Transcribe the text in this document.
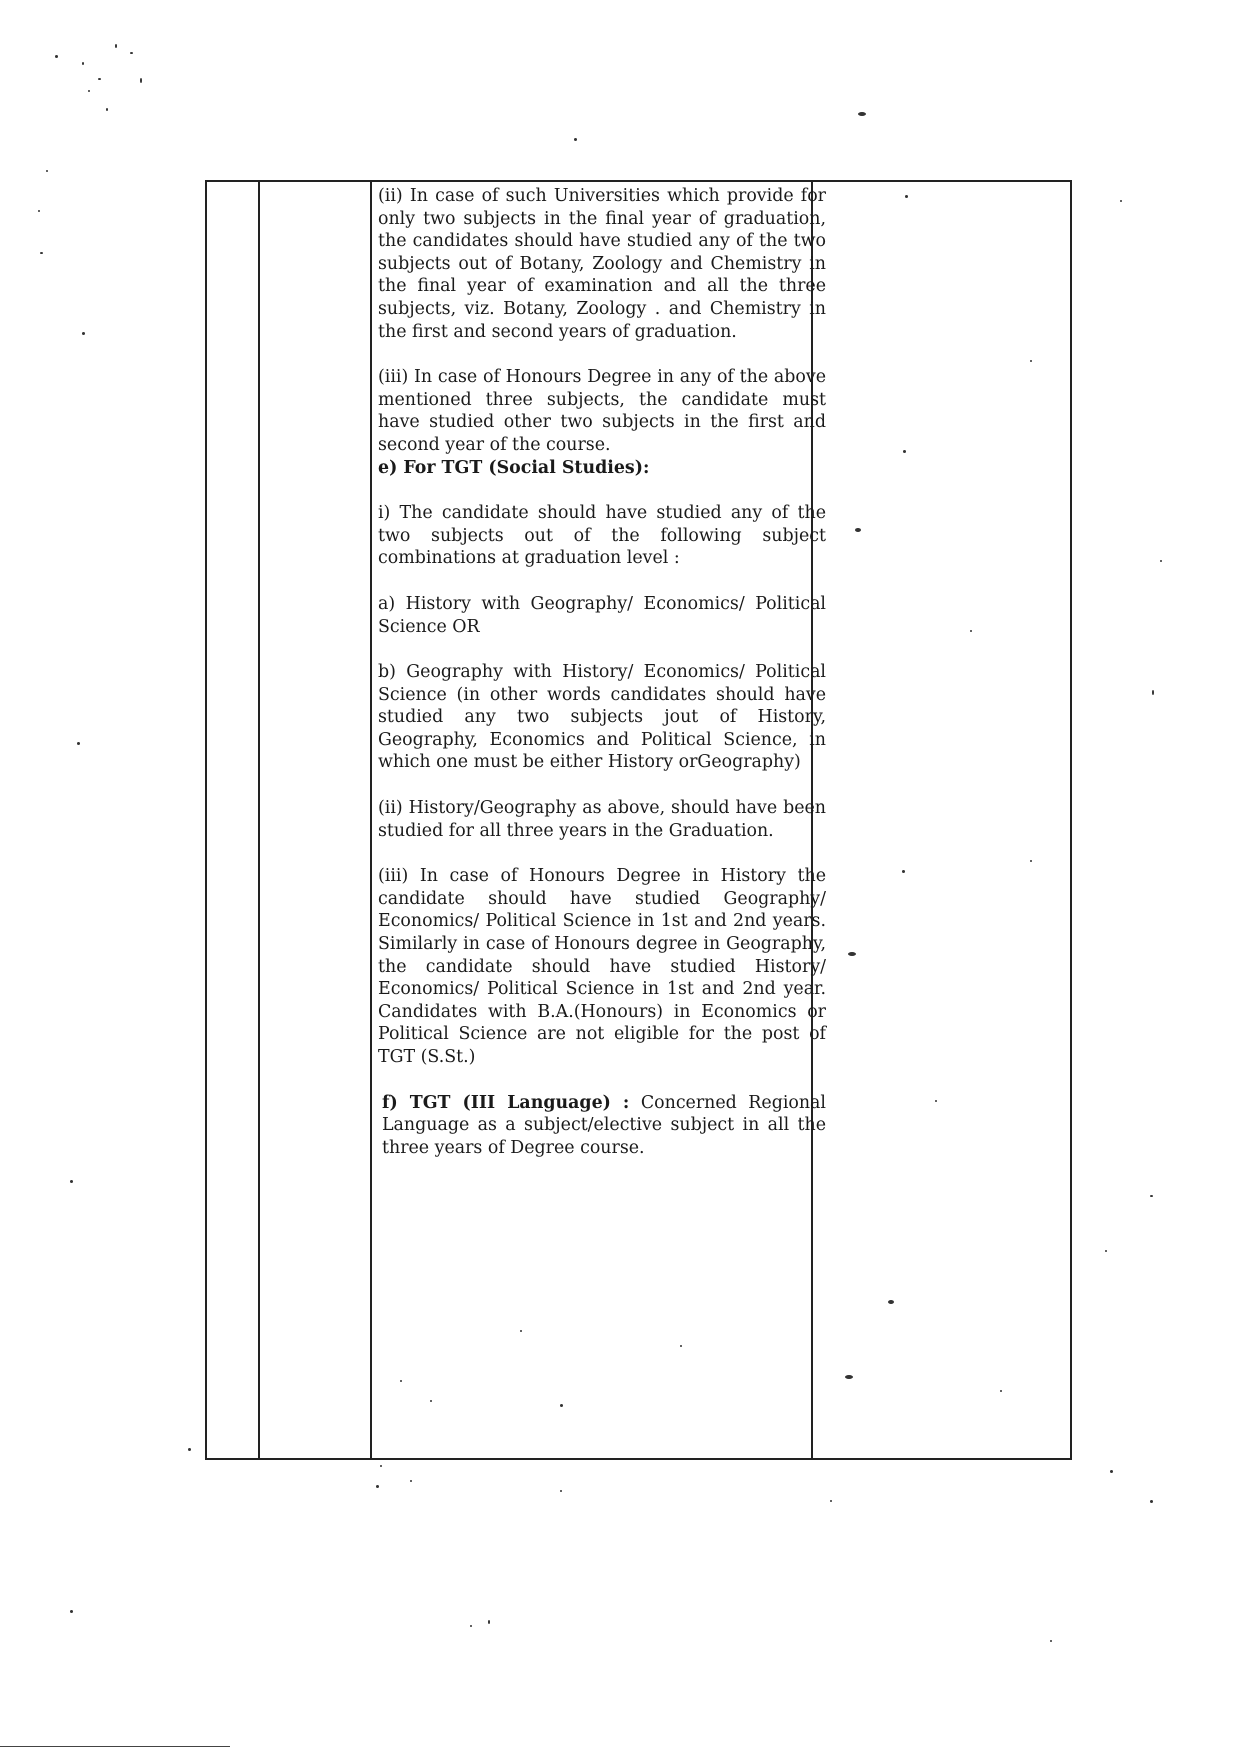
(ii) In case of such Universities which provide for only two subjects in the final year of graduation, the candidates should have studied any of the two subjects out of Botany, Zoology and Chemistry in the final year of examination and all the three subjects, viz. Botany, Zoology . and Chemistry in the first and second years of graduation.

(iii) In case of Honours Degree in any of the above mentioned three subjects, the candidate must have studied other two subjects in the first and second year of the course.

e) For TGT (Social Studies):

i) The candidate should have studied any of the two subjects out of the following subject combinations at graduation level :

a) History with Geography/ Economics/ Political Science OR

b) Geography with History/ Economics/ Political Science (in other words candidates should have studied any two subjects jout of History, Geography, Economics and Political Science, in which one must be either History orGeography)

(ii) History/Geography as above, should have been studied for all three years in the Graduation.

(iii) In case of Honours Degree in History the candidate should have studied Geography/ Economics/ Political Science in 1st and 2nd years. Similarly in case of Honours degree in Geography, the candidate should have studied History/ Economics/ Political Science in 1st and 2nd year. Candidates with B.A.(Honours) in Economics or Political Science are not eligible for the post of TGT (S.St.)

f) TGT (III Language) : Concerned Regional Language as a subject/elective subject in all the three years of Degree course.
